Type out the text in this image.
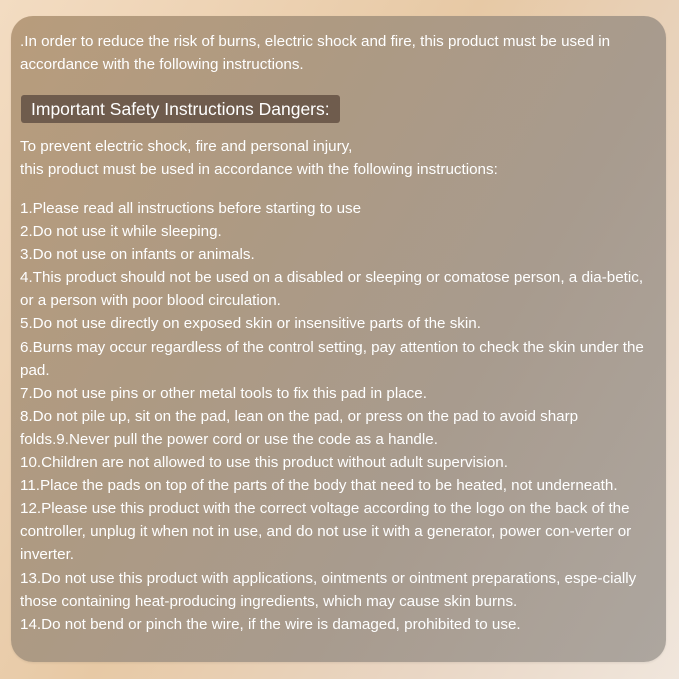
.In order to reduce the risk of burns, electric shock and fire, this product must be used in accordance with the following instructions.

Important Safety Instructions Dangers:

To prevent electric shock, fire and personal injury,
this product must be used in accordance with the following instructions:

1.Please read all instructions before starting to use
2.Do not use it while sleeping.
3.Do not use on infants or animals.
4.This product should not be used on a disabled or sleeping or comatose person, a dia-betic, or a person with poor blood circulation.
5.Do not use directly on exposed skin or insensitive parts of the skin.
6.Burns may occur regardless of the control setting, pay attention to check the skin under the pad.
7.Do not use pins or other metal tools to fix this pad in place.
8.Do not pile up, sit on the pad, lean on the pad, or press on the pad to avoid sharp folds.9.Never pull the power cord or use the code as a handle.
10.Children are not allowed to use this product without adult supervision.
11.Place the pads on top of the parts of the body that need to be heated, not underneath.
12.Please use this product with the correct voltage according to the logo on the back of the controller, unplug it when not in use, and do not use it with a generator, power con-verter or inverter.
13.Do not use this product with applications, ointments or ointment preparations, espe-cially those containing heat-producing ingredients, which may cause skin burns.
14.Do not bend or pinch the wire, if the wire is damaged, prohibited to use.
